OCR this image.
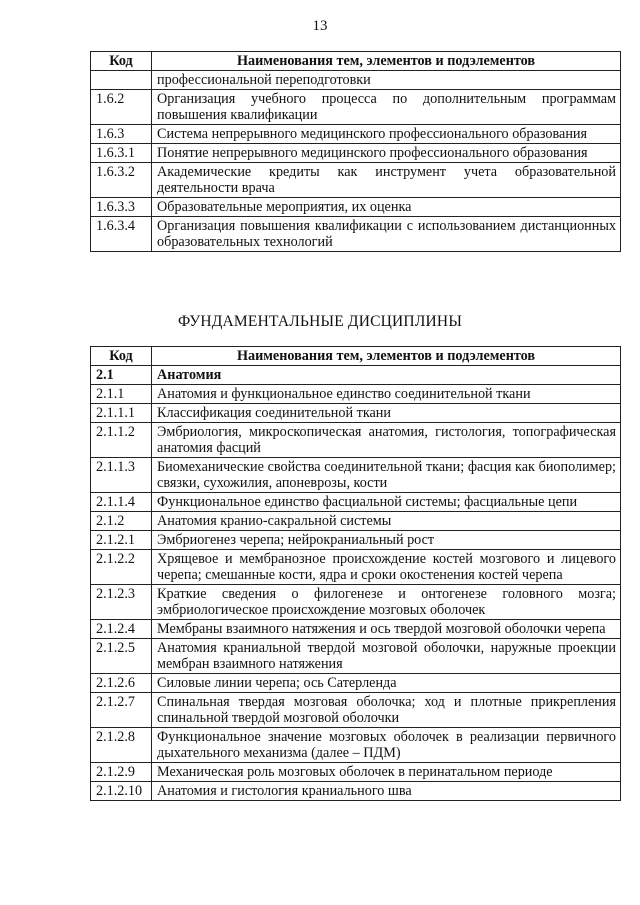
13
Код	Наименования тем, элементов и подэлементов
	профессиональной переподготовки
1.6.2	Организация учебного процесса по дополнительным программам повышения квалификации
1.6.3	Система непрерывного медицинского профессионального образования
1.6.3.1	Понятие непрерывного медицинского профессионального образования
1.6.3.2	Академические кредиты как инструмент учета образовательной деятельности врача
1.6.3.3	Образовательные мероприятия, их оценка
1.6.3.4	Организация повышения квалификации с использованием дистанционных образовательных технологий
ФУНДАМЕНТАЛЬНЫЕ ДИСЦИПЛИНЫ
Код	Наименования тем, элементов и подэлементов
2.1	Анатомия
2.1.1	Анатомия и функциональное единство соединительной ткани
2.1.1.1	Классификация соединительной ткани
2.1.1.2	Эмбриология, микроскопическая анатомия, гистология, топографическая анатомия фасций
2.1.1.3	Биомеханические свойства соединительной ткани; фасция как биополимер; связки, сухожилия, апоневрозы, кости
2.1.1.4	Функциональное единство фасциальной системы; фасциальные цепи
2.1.2	Анатомия кранио-сакральной системы
2.1.2.1	Эмбриогенез черепа; нейрокраниальный рост
2.1.2.2	Хрящевое и мембранозное происхождение костей мозгового и лицевого черепа; смешанные кости, ядра и сроки окостенения костей черепа
2.1.2.3	Краткие сведения о филогенезе и онтогенезе головного мозга; эмбриологическое происхождение мозговых оболочек
2.1.2.4	Мембраны взаимного натяжения и ось твердой мозговой оболочки черепа
2.1.2.5	Анатомия краниальной твердой мозговой оболочки, наружные проекции мембран взаимного натяжения
2.1.2.6	Силовые линии черепа; ось Сатерленда
2.1.2.7	Спинальная твердая мозговая оболочка; ход и плотные прикрепления спинальной твердой мозговой оболочки
2.1.2.8	Функциональное значение мозговых оболочек в реализации первичного дыхательного механизма (далее – ПДМ)
2.1.2.9	Механическая роль мозговых оболочек в перинатальном периоде
2.1.2.10	Анатомия и гистология краниального шва
